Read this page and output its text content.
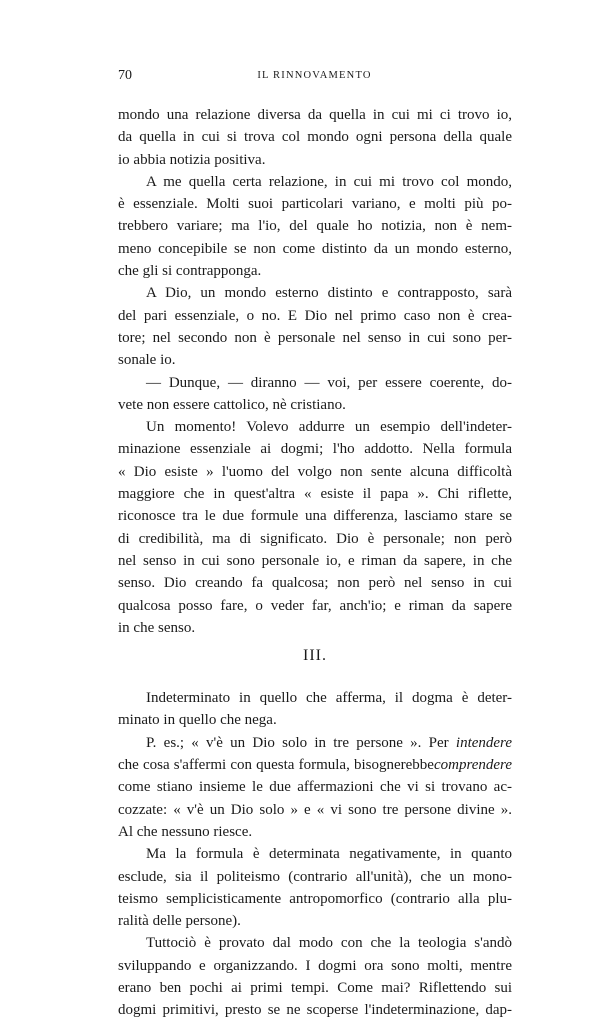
70	IL RINNOVAMENTO
mondo una relazione diversa da quella in cui mi ci trovo io,
da quella in cui si trova col mondo ogni persona della quale
io abbia notizia positiva.
A me quella certa relazione, in cui mi trovo col mondo,
è essenziale. Molti suoi particolari variano, e molti più po-
trebbero variare; ma l'io, del quale ho notizia, non è nem-
meno concepibile se non come distinto da un mondo esterno,
che gli si contrapponga.
A Dio, un mondo esterno distinto e contrapposto, sarà
del pari essenziale, o no. E Dio nel primo caso non è crea-
tore; nel secondo non è personale nel senso in cui sono per-
sonale io.
— Dunque, — diranno — voi, per essere coerente, do-
vete non essere cattolico, nè cristiano.
Un momento! Volevo addurre un esempio dell'indeter-
minazione essenziale ai dogmi; l'ho addotto. Nella formula
« Dio esiste » l'uomo del volgo non sente alcuna difficoltà
maggiore che in quest'altra « esiste il papa ». Chi riflette,
riconosce tra le due formule una differenza, lasciamo stare se
di credibilità, ma di significato. Dio è personale; non però
nel senso in cui sono personale io, e riman da sapere, in che
senso. Dio creando fa qualcosa; non però nel senso in cui
qualcosa posso fare, o veder far, anch'io; e riman da sapere
in che senso.
III.
Indeterminato in quello che afferma, il dogma è deter-
minato in quello che nega.
P. es.; « v'è un Dio solo in tre persone ». Per intendere
che cosa s'affermi con questa formula, bisognerebbecomprendere
come stiano insieme le due affermazioni che vi si trovano ac-
cozzate: « v'è un Dio solo » e « vi sono tre persone divine ».
Al che nessuno riesce.
Ma la formula è determinata negativamente, in quanto
esclude, sia il politeismo (contrario all'unità), che un mono-
teismo semplicisticamente antropomorfico (contrario alla plu-
ralità delle persone).
Tuttociò è provato dal modo con che la teologia s'andò
sviluppando e organizzando. I dogmi ora sono molti, mentre
erano ben pochi ai primi tempi. Come mai? Riflettendo sui
dogmi primitivi, presto se ne scoperse l'indeterminazione, dap-
